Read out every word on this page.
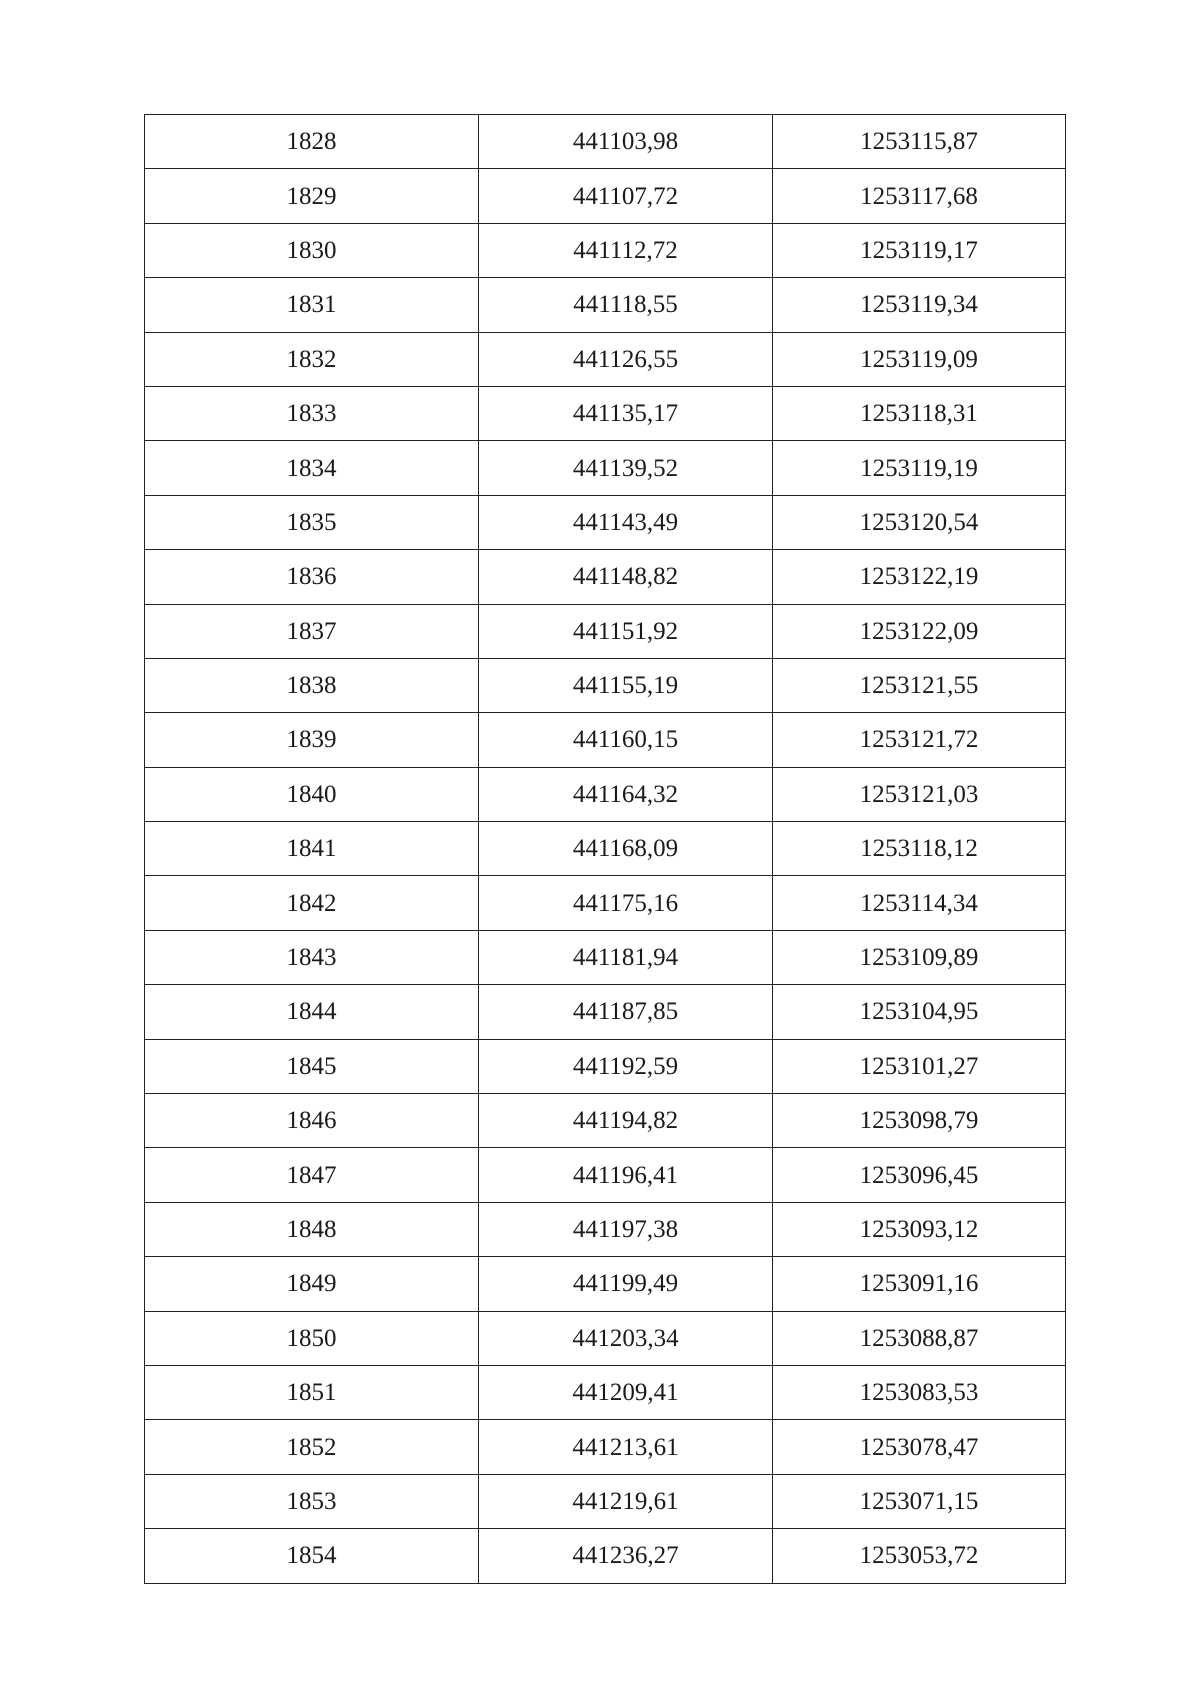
1828	441103,98	1253115,87
1829	441107,72	1253117,68
1830	441112,72	1253119,17
1831	441118,55	1253119,34
1832	441126,55	1253119,09
1833	441135,17	1253118,31
1834	441139,52	1253119,19
1835	441143,49	1253120,54
1836	441148,82	1253122,19
1837	441151,92	1253122,09
1838	441155,19	1253121,55
1839	441160,15	1253121,72
1840	441164,32	1253121,03
1841	441168,09	1253118,12
1842	441175,16	1253114,34
1843	441181,94	1253109,89
1844	441187,85	1253104,95
1845	441192,59	1253101,27
1846	441194,82	1253098,79
1847	441196,41	1253096,45
1848	441197,38	1253093,12
1849	441199,49	1253091,16
1850	441203,34	1253088,87
1851	441209,41	1253083,53
1852	441213,61	1253078,47
1853	441219,61	1253071,15
1854	441236,27	1253053,72
